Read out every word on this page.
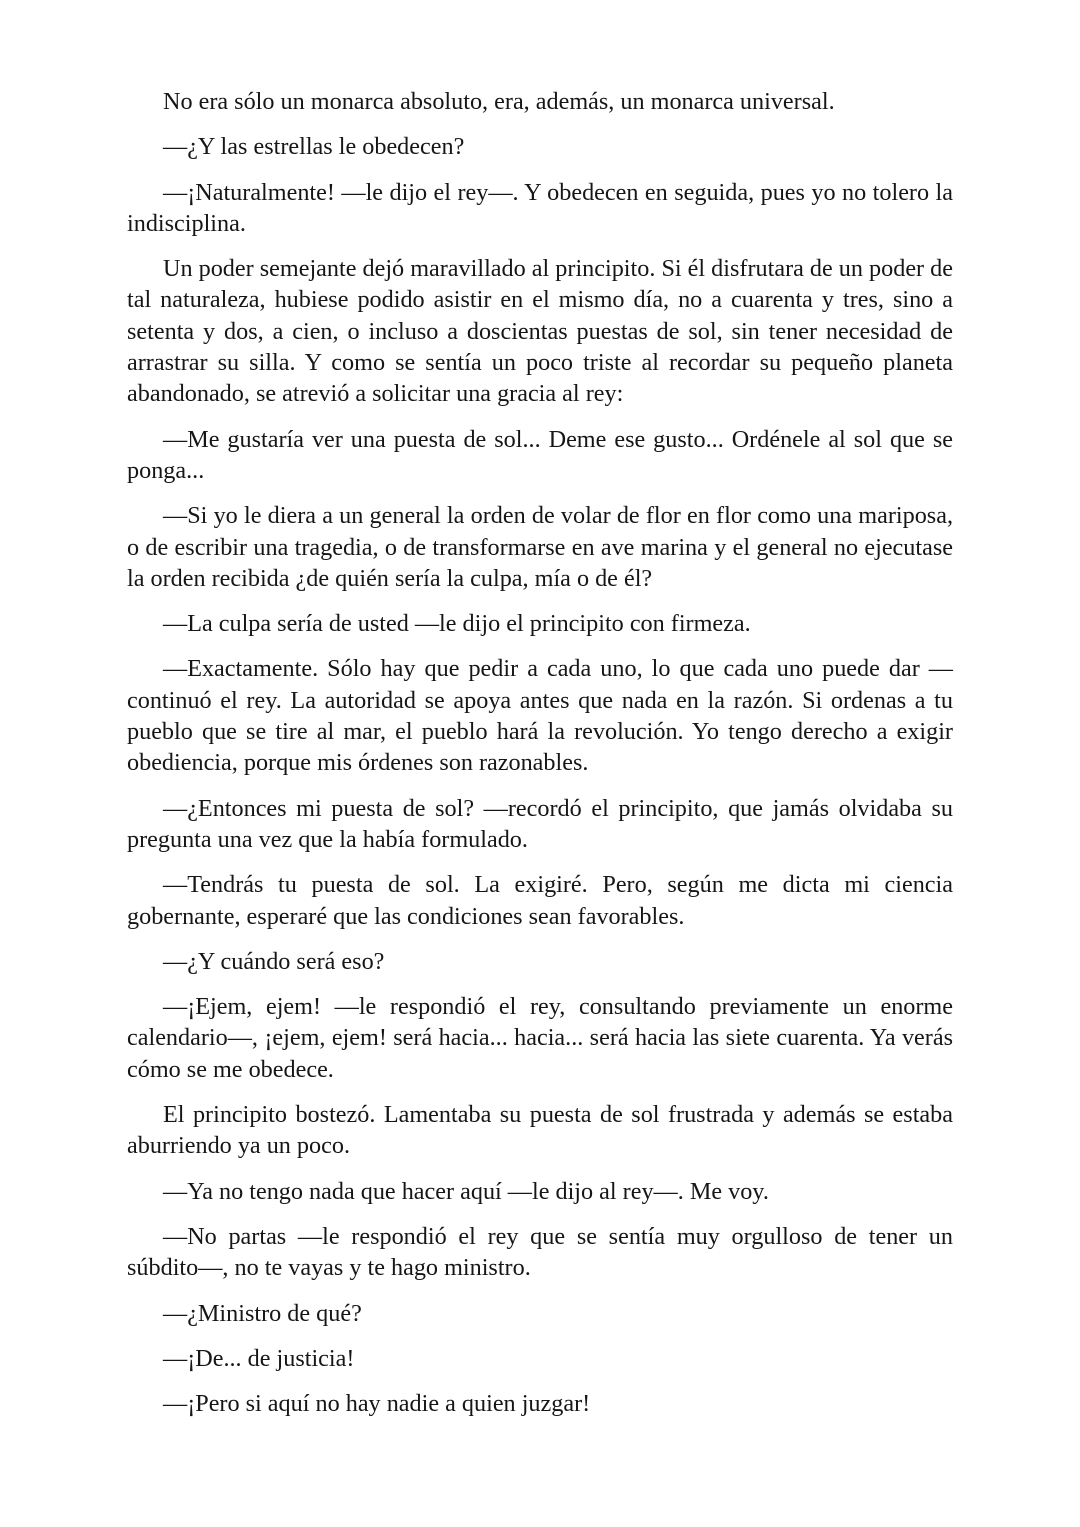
No era sólo un monarca absoluto, era, además, un monarca universal.

—¿Y las estrellas le obedecen?

—¡Naturalmente! —le dijo el rey—. Y obedecen en seguida, pues yo no tolero la indisciplina.

Un poder semejante dejó maravillado al principito. Si él disfrutara de un poder de tal naturaleza, hubiese podido asistir en el mismo día, no a cuarenta y tres, sino a setenta y dos, a cien, o incluso a doscientas puestas de sol, sin tener necesidad de arrastrar su silla. Y como se sentía un poco triste al recordar su pequeño planeta abandonado, se atrevió a solicitar una gracia al rey:

—Me gustaría ver una puesta de sol... Deme ese gusto... Ordénele al sol que se ponga...

—Si yo le diera a un general la orden de volar de flor en flor como una mariposa, o de escribir una tragedia, o de transformarse en ave marina y el general no ejecutase la orden recibida ¿de quién sería la culpa, mía o de él?

—La culpa sería de usted —le dijo el principito con firmeza.

—Exactamente. Sólo hay que pedir a cada uno, lo que cada uno puede dar —continuó el rey. La autoridad se apoya antes que nada en la razón. Si ordenas a tu pueblo que se tire al mar, el pueblo hará la revolución. Yo tengo derecho a exigir obediencia, porque mis órdenes son razonables.

—¿Entonces mi puesta de sol? —recordó el principito, que jamás olvidaba su pregunta una vez que la había formulado.

—Tendrás tu puesta de sol. La exigiré. Pero, según me dicta mi ciencia gobernante, esperaré que las condiciones sean favorables.

—¿Y cuándo será eso?

—¡Ejem, ejem! —le respondió el rey, consultando previamente un enorme calendario—, ¡ejem, ejem! será hacia... hacia... será hacia las siete cuarenta. Ya verás cómo se me obedece.

El principito bostezó. Lamentaba su puesta de sol frustrada y además se estaba aburriendo ya un poco.

—Ya no tengo nada que hacer aquí —le dijo al rey—. Me voy.

—No partas —le respondió el rey que se sentía muy orgulloso de tener un súbdito—, no te vayas y te hago ministro.

—¿Ministro de qué?

—¡De... de justicia!

—¡Pero si aquí no hay nadie a quien juzgar!
